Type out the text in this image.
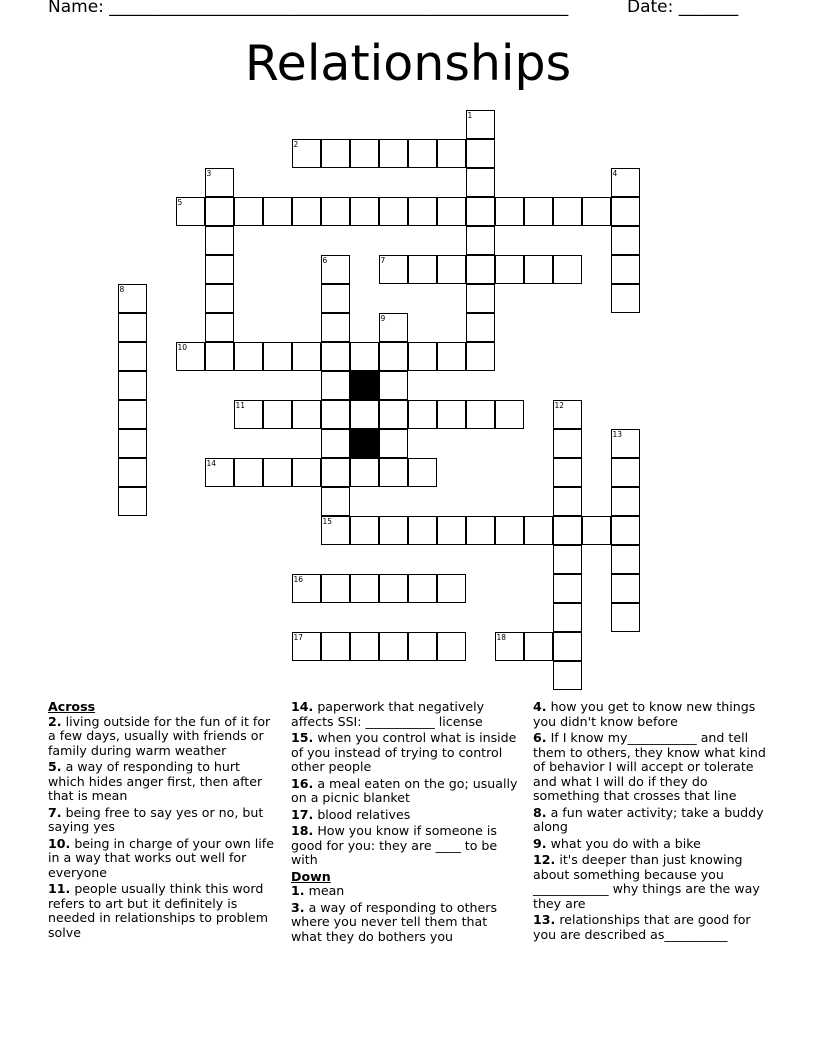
Name: ______________________________________________________	Date: _______
Relationships
1
2
3	4
5
6	7
8
9
10
11	12
13
14
15
16
17	18
Across
2. living outside for the fun of it for a few days, usually with friends or family during warm weather
5. a way of responding to hurt which hides anger first, then after that is mean
7. being free to say yes or no, but saying yes
10. being in charge of your own life in a way that works out well for everyone
11. people usually think this word refers to art but it definitely is needed in relationships to problem solve
14. paperwork that negatively affects SSI: ___________ license
15. when you control what is inside of you instead of trying to control other people
16. a meal eaten on the go; usually on a picnic blanket
17. blood relatives
18. How you know if someone is good for you: they are ____ to be with
Down
1. mean
3. a way of responding to others where you never tell them that what they do bothers you
4. how you get to know new things you didn't know before
6. If I know my___________ and tell them to others, they know what kind of behavior I will accept or tolerate and what I will do if they do something that crosses that line
8. a fun water activity; take a buddy along
9. what you do with a bike
12. it's deeper than just knowing about something because you ____________ why things are the way they are
13. relationships that are good for you are described as__________
